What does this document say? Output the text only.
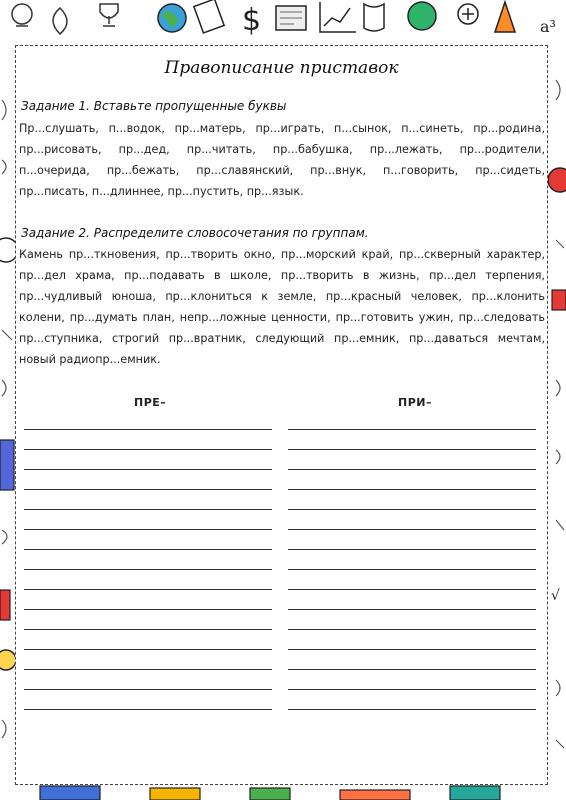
$	a³
√
Правописание приставок
Задание 1. Вставьте пропущенные буквы
Пр...слушать, п...водок, пр...матерь, пр...играть, п...сынок, п...синеть, пр...родина, пр...рисовать, пр...дед, пр...читать, пр...бабушка, пр...лежать, пр...родители, п...очерида, пр...бежать, пр...славянский, пр...внук, п...говорить, пр...сидеть, пр...писать, п...длиннее, пр...пустить, пр...язык.
Задание 2. Распределите словосочетания по группам.
Камень пр...ткновения, пр...творить окно, пр...морский край, пр...скверный характер, пр...дел храма, пр...подавать в школе, пр...творить в жизнь, пр...дел терпения, пр...чудливый юноша, пр...клониться к земле, пр...красный человек, пр...клонить колени, пр...думать план, непр...ложные ценности, пр...готовить ужин, пр...следовать пр...ступника, строгий пр...вратник, следующий пр...емник, пр...даваться мечтам, новый радиопр...емник.
ПРЕ–	ПРИ–
